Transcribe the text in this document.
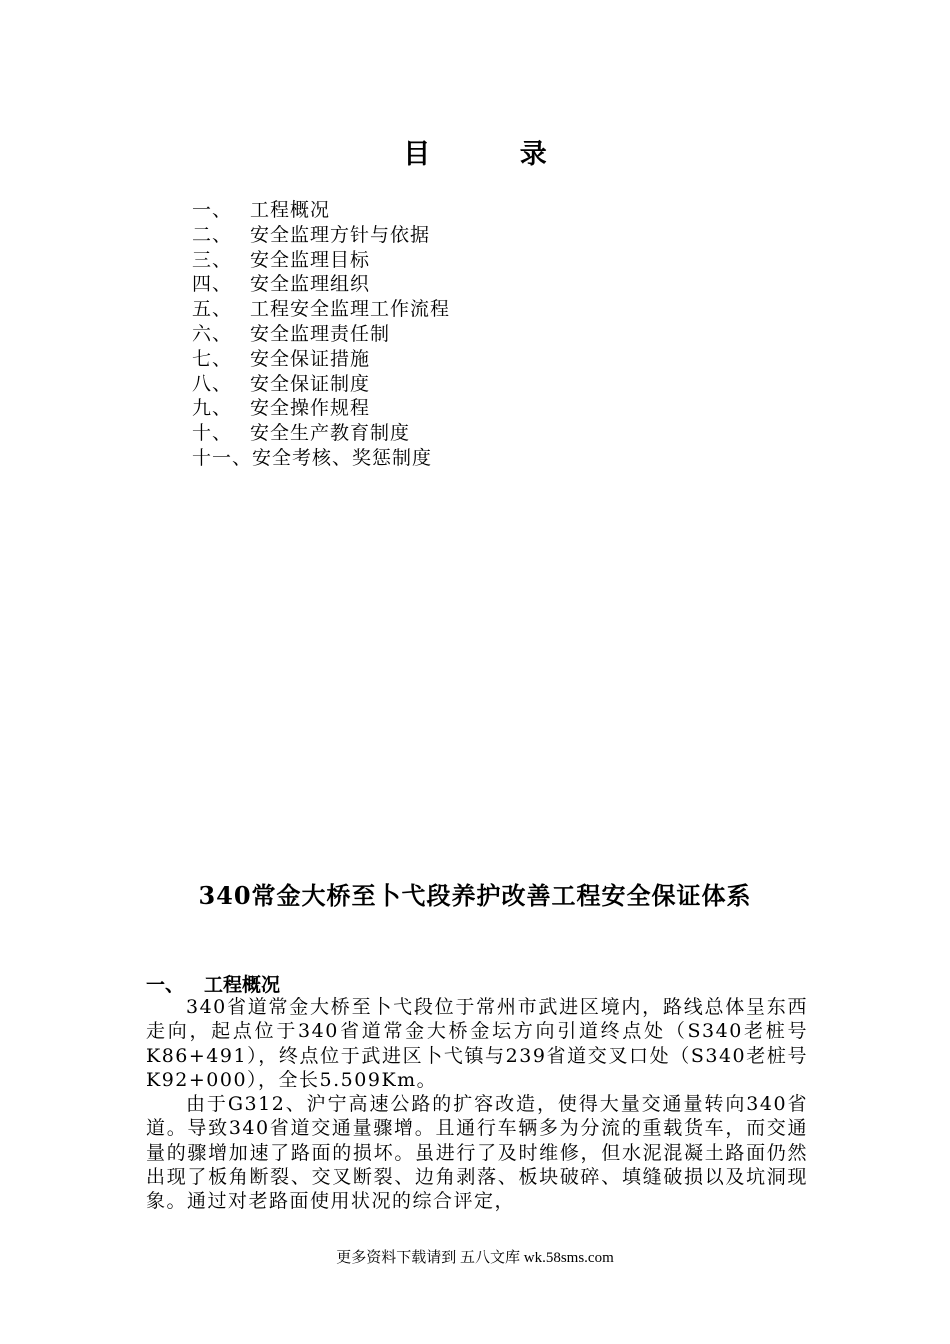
目 录
一、 工程概况
二、 安全监理方针与依据
三、 安全监理目标
四、 安全监理组织
五、 工程安全监理工作流程
六、 安全监理责任制
七、 安全保证措施
八、 安全保证制度
九、 安全操作规程
十、 安全生产教育制度
十一、安全考核、奖惩制度
340常金大桥至卜弋段养护改善工程安全保证体系
一、 工程概况

340省道常金大桥至卜弋段位于常州市武进区境内，路线总体呈东西走向，起点位于340省道常金大桥金坛方向引道终点处（S340老桩号K86+491），终点位于武进区卜弋镇与239省道交叉口处（S340老桩号K92+000），全长5.509Km。

由于G312、沪宁高速公路的扩容改造，使得大量交通量转向340省道。导致340省道交通量骤增。且通行车辆多为分流的重载货车，而交通量的骤增加速了路面的损坏。虽进行了及时维修，但水泥混凝土路面仍然出现了板角断裂、交叉断裂、边角剥落、板块破碎、填缝破损以及坑洞现象。通过对老路面使用状况的综合评定，

更多资料下载请到 五八文库 wk.58sms.com
